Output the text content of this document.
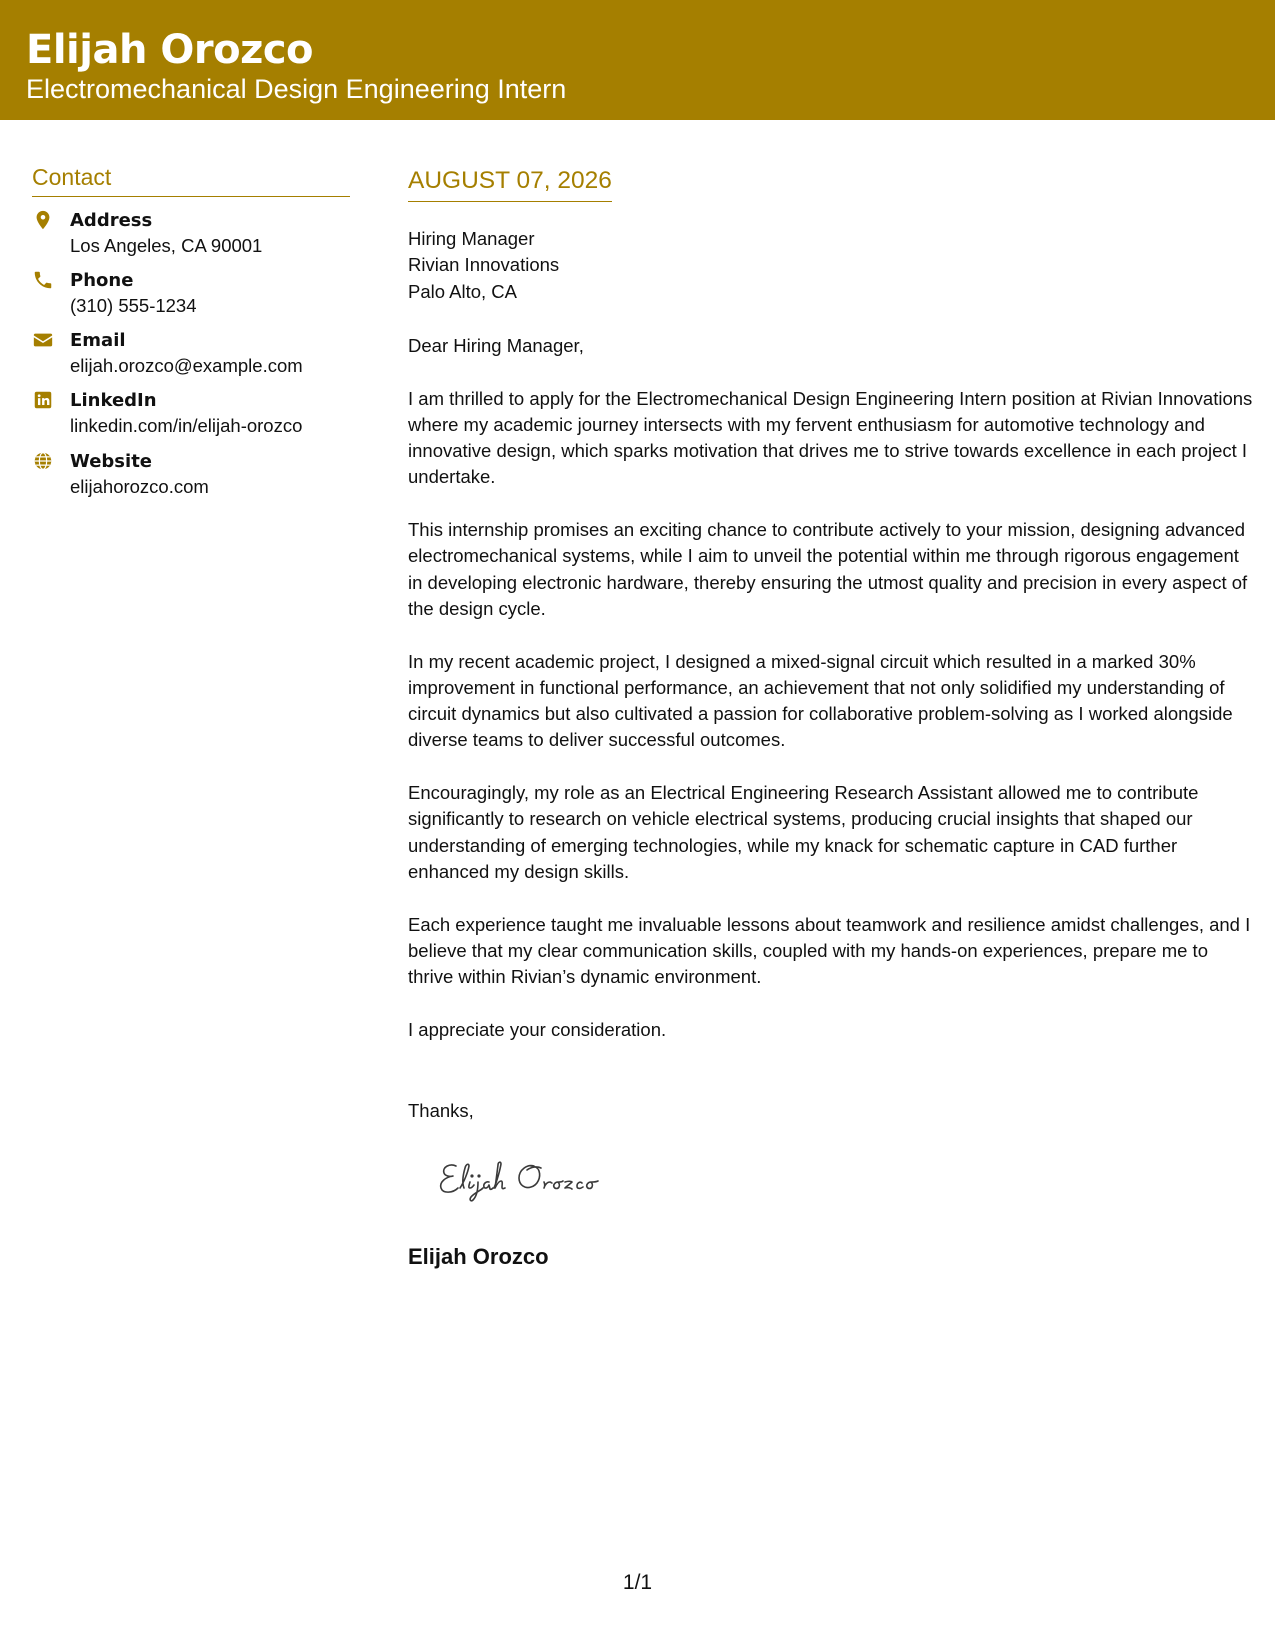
Elijah Orozco
Electromechanical Design Engineering Intern
Contact
Address
Los Angeles, CA 90001
Phone
(310) 555-1234
Email
elijah.orozco@example.com
LinkedIn
linkedin.com/in/elijah-orozco
Website
elijahorozco.com
AUGUST 07, 2026
Hiring Manager
Rivian Innovations
Palo Alto, CA

Dear Hiring Manager,

I am thrilled to apply for the Electromechanical Design Engineering Intern position at Rivian Innovations where my academic journey intersects with my fervent enthusiasm for automotive technology and innovative design, which sparks motivation that drives me to strive towards excellence in each project I undertake.

This internship promises an exciting chance to contribute actively to your mission, designing advanced electromechanical systems, while I aim to unveil the potential within me through rigorous engagement in developing electronic hardware, thereby ensuring the utmost quality and precision in every aspect of the design cycle.

In my recent academic project, I designed a mixed-signal circuit which resulted in a marked 30% improvement in functional performance, an achievement that not only solidified my understanding of circuit dynamics but also cultivated a passion for collaborative problem-solving as I worked alongside diverse teams to deliver successful outcomes.

Encouragingly, my role as an Electrical Engineering Research Assistant allowed me to contribute significantly to research on vehicle electrical systems, producing crucial insights that shaped our understanding of emerging technologies, while my knack for schematic capture in CAD further enhanced my design skills.

Each experience taught me invaluable lessons about teamwork and resilience amidst challenges, and I believe that my clear communication skills, coupled with my hands-on experiences, prepare me to thrive within Rivian’s dynamic environment.

I appreciate your consideration.

Thanks,
Elijah Orozco
1/1
